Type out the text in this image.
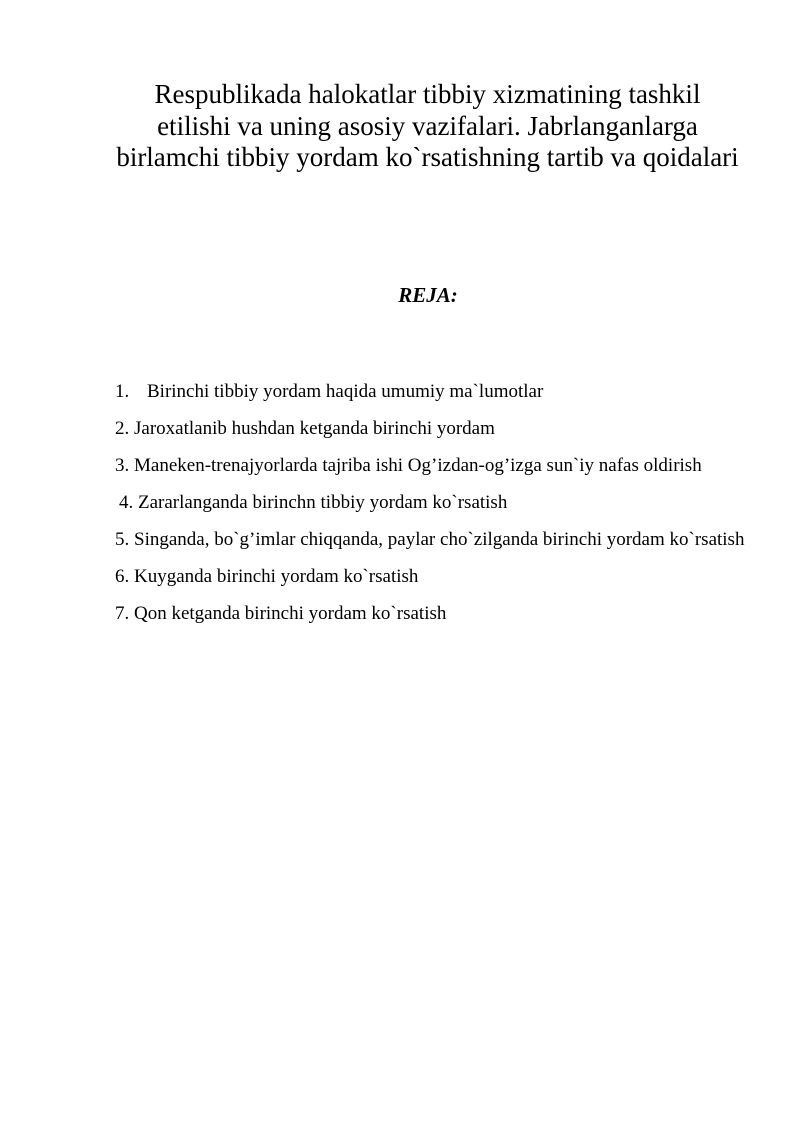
Respublikada halokatlar tibbiy xizmatining tashkil etilishi va uning asosiy vazifalari. Jabrlanganlarga birlamchi tibbiy yordam ko`rsatishning tartib va qoidalari
REJA:
1. Birinchi tibbiy yordam haqida umumiy ma`lumotlar
2. Jaroxatlanib hushdan ketganda birinchi yordam
3. Maneken-trenajyorlarda tajriba ishi Og’izdan-og’izga sun`iy nafas oldirish
4. Zararlanganda birinchn tibbiy yordam ko`rsatish
5. Singanda, bo`g’imlar chiqqanda, paylar cho`zilganda birinchi yordam ko`rsatish
6. Kuyganda birinchi yordam ko`rsatish
7. Qon ketganda birinchi yordam ko`rsatish
